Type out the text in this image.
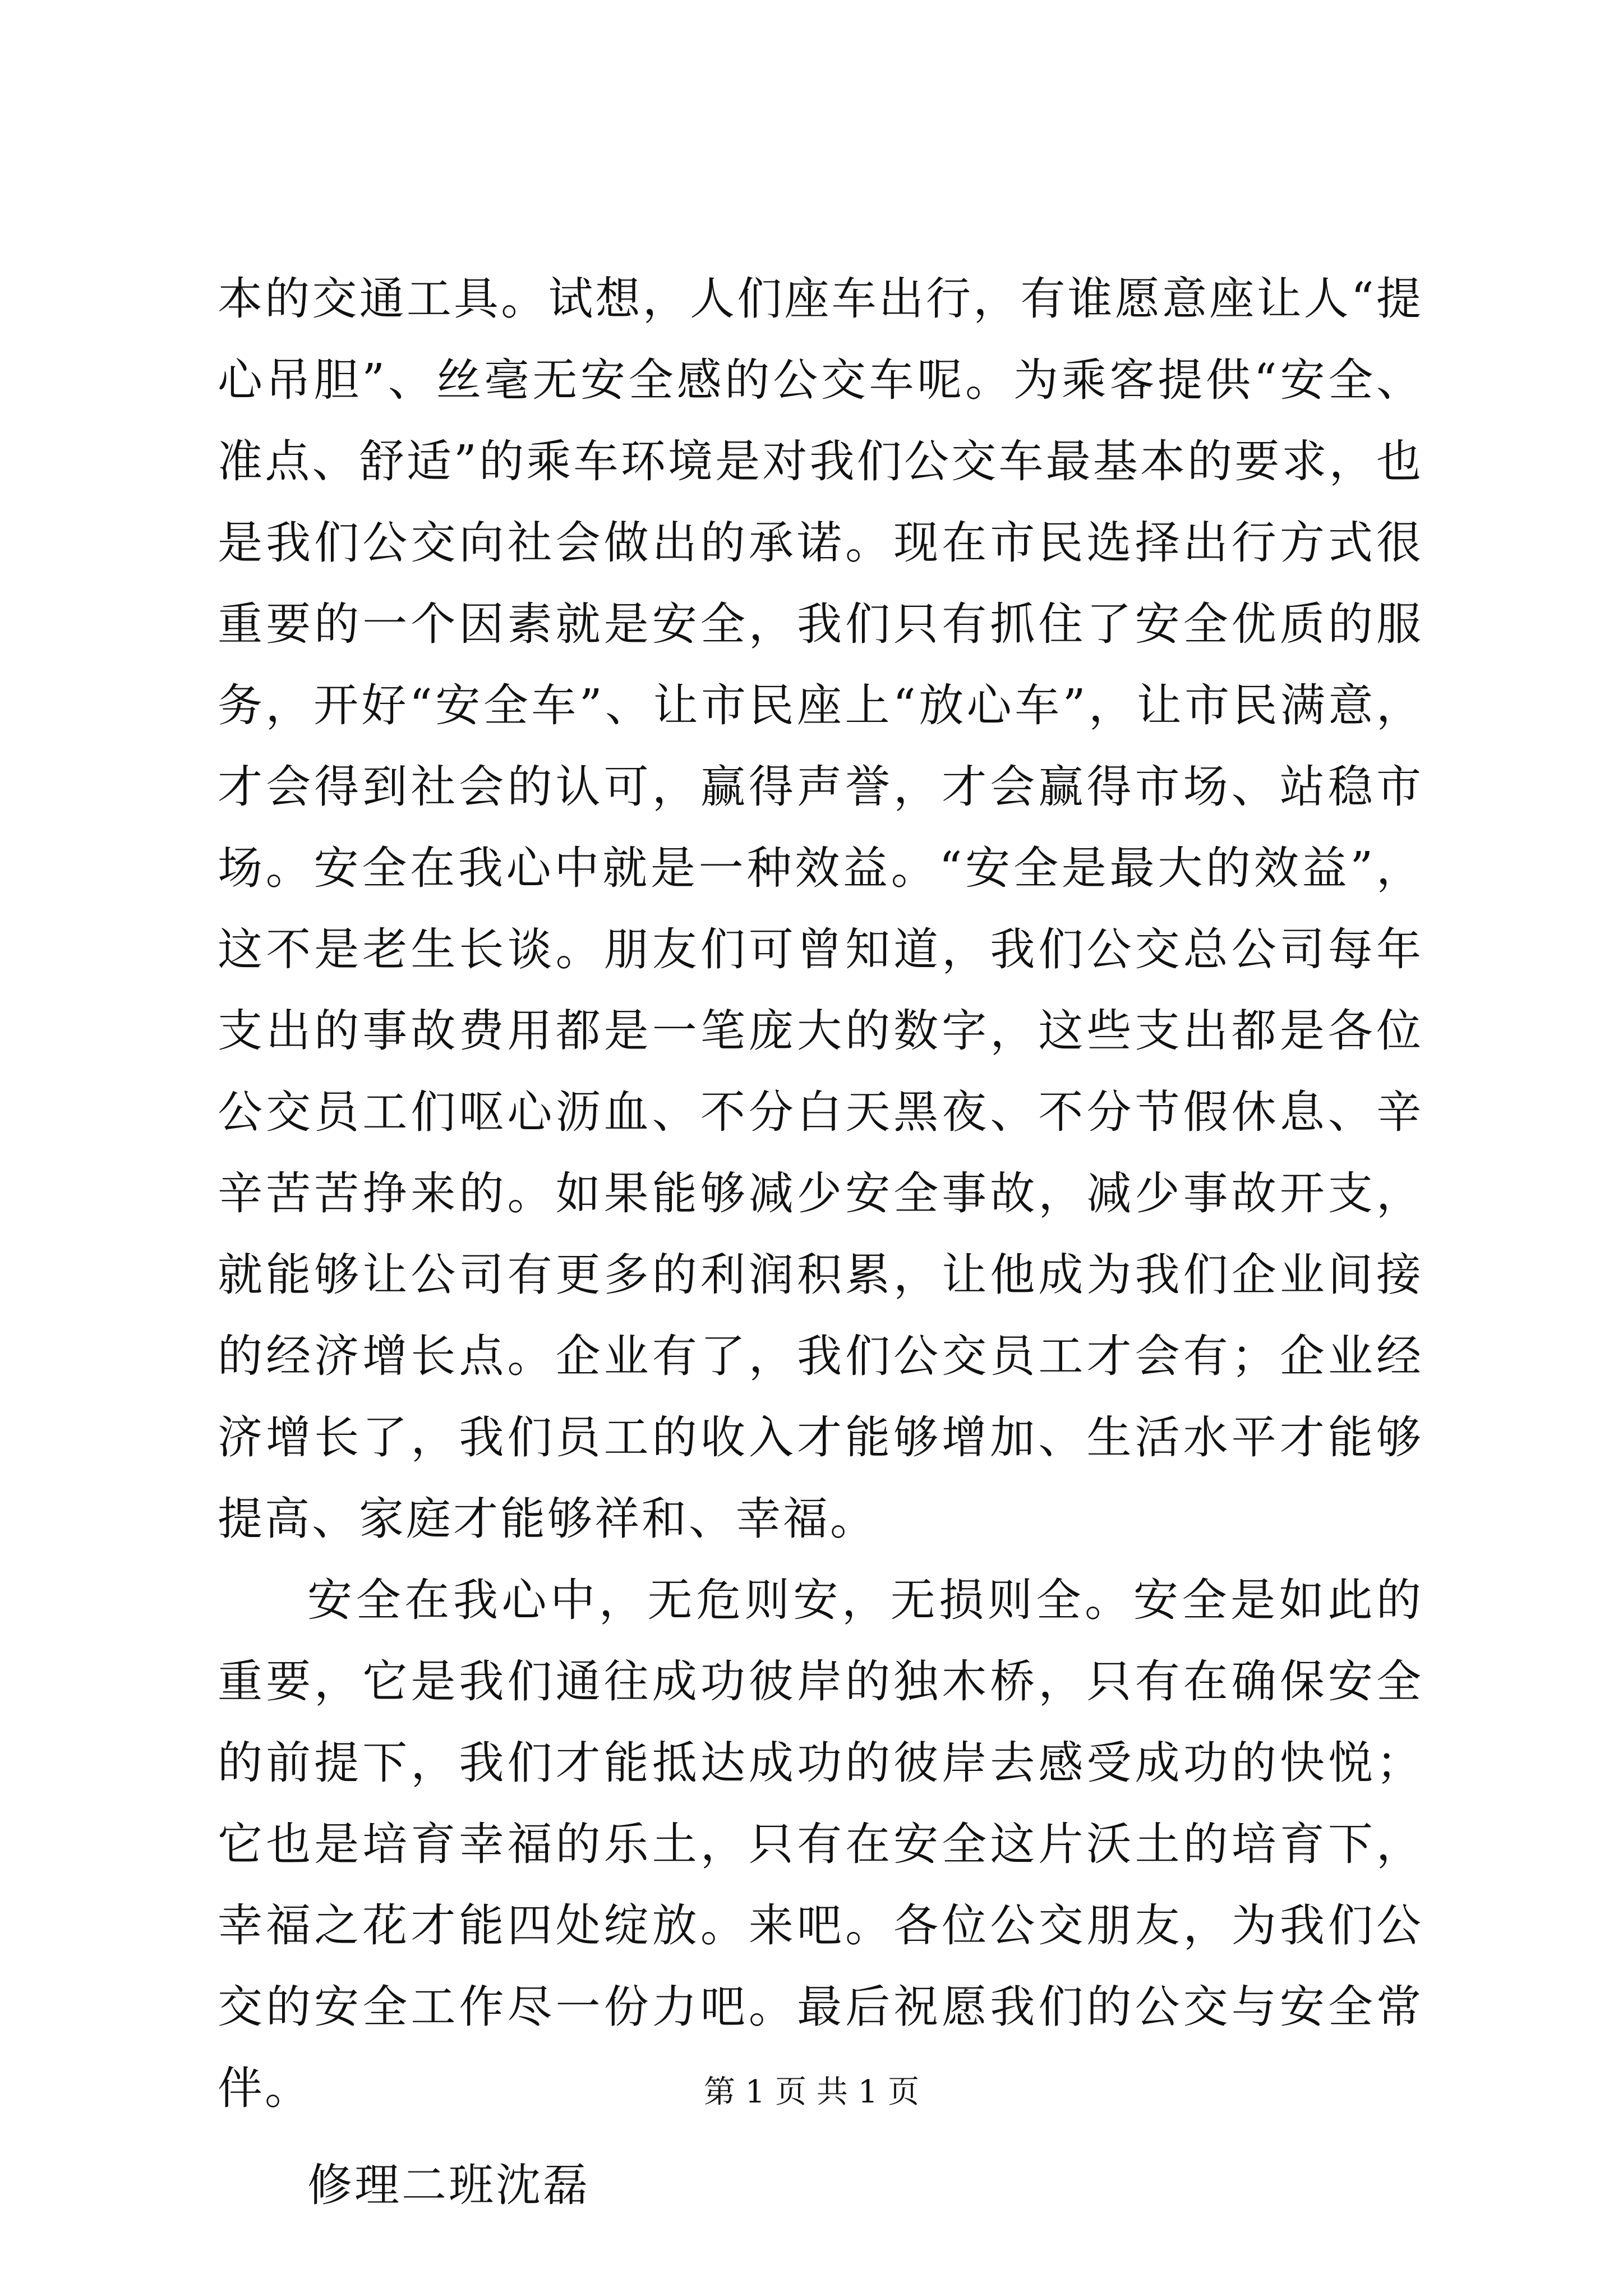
本的交通工具。试想，人们座车出行，有谁愿意座让人“提心吊胆”、丝毫无安全感的公交车呢。为乘客提供“安全、准点、舒适”的乘车环境是对我们公交车最基本的要求，也是我们公交向社会做出的承诺。现在市民选择出行方式很重要的一个因素就是安全，我们只有抓住了安全优质的服务，开好“安全车”、让市民座上“放心车”，让市民满意，才会得到社会的认可，赢得声誉，才会赢得市场、站稳市场。安全在我心中就是一种效益。“安全是最大的效益”，这不是老生长谈。朋友们可曾知道，我们公交总公司每年支出的事故费用都是一笔庞大的数字，这些支出都是各位公交员工们呕心沥血、不分白天黑夜、不分节假休息、辛辛苦苦挣来的。如果能够减少安全事故，减少事故开支，就能够让公司有更多的利润积累，让他成为我们企业间接的经济增长点。企业有了，我们公交员工才会有；企业经济增长了，我们员工的收入才能够增加、生活水平才能够提高、家庭才能够祥和、幸福。

安全在我心中，无危则安，无损则全。安全是如此的重要，它是我们通往成功彼岸的独木桥，只有在确保安全的前提下，我们才能抵达成功的彼岸去感受成功的快悦；它也是培育幸福的乐土，只有在安全这片沃土的培育下，幸福之花才能四处绽放。来吧。各位公交朋友，为我们公交的安全工作尽一份力吧。最后祝愿我们的公交与安全常伴。

修理二班沈磊

第 1 页 共 1 页
